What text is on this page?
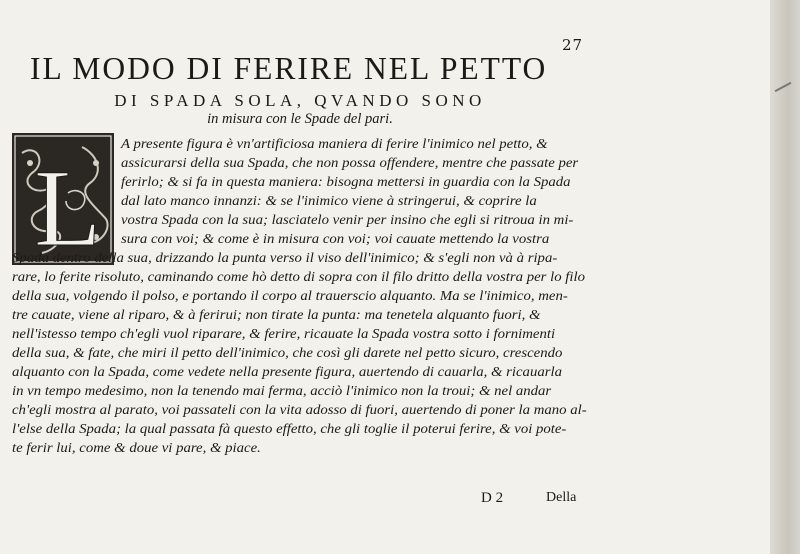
27
IL MODO DI FERIRE NEL PETTO
DI SPADA SOLA, QVANDO SONO
in misura con le Spade del pari.
L
A presente figura è vn'artificiosa maniera di ferire l'inimico nel petto, &
assicurarsi della sua Spada, che non possa offendere, mentre che passate per
ferirlo; & si fa in questa maniera: bisogna mettersi in guardia con la Spada
dal lato manco innanzi: & se l'inimico viene à stringerui, & coprire la
vostra Spada con la sua; lasciatelo venir per insino che egli si ritroua in mi-
sura con voi; & come è in misura con voi; voi cauate mettendo la vostra
Spada dentro della sua, drizzando la punta verso il viso dell'inimico; & s'egli non và à ripa-
rare, lo ferite risoluto, caminando come hò detto di sopra con il filo dritto della vostra per lo filo
della sua, volgendo il polso, e portando il corpo al trauerscio alquanto. Ma se l'inimico, men-
tre cauate, viene al riparo, & à ferirui; non tirate la punta: ma tenetela alquanto fuori, &
nell'istesso tempo ch'egli vuol riparare, & ferire, ricauate la Spada vostra sotto i fornimenti
della sua, & fate, che miri il petto dell'inimico, che così gli darete nel petto sicuro, crescendo
alquanto con la Spada, come vedete nella presente figura, auertendo di cauarla, & ricauarla
in vn tempo medesimo, non la tenendo mai ferma, acciò l'inimico non la troui; & nel andar
ch'egli mostra al parato, voi passateli con la vita adosso di fuori, auertendo di poner la mano al-
l'else della Spada; la qual passata fà questo effetto, che gli toglie il poterui ferire, & voi pote-
te ferir lui, come & doue vi pare, & piace.
D 2	Della
